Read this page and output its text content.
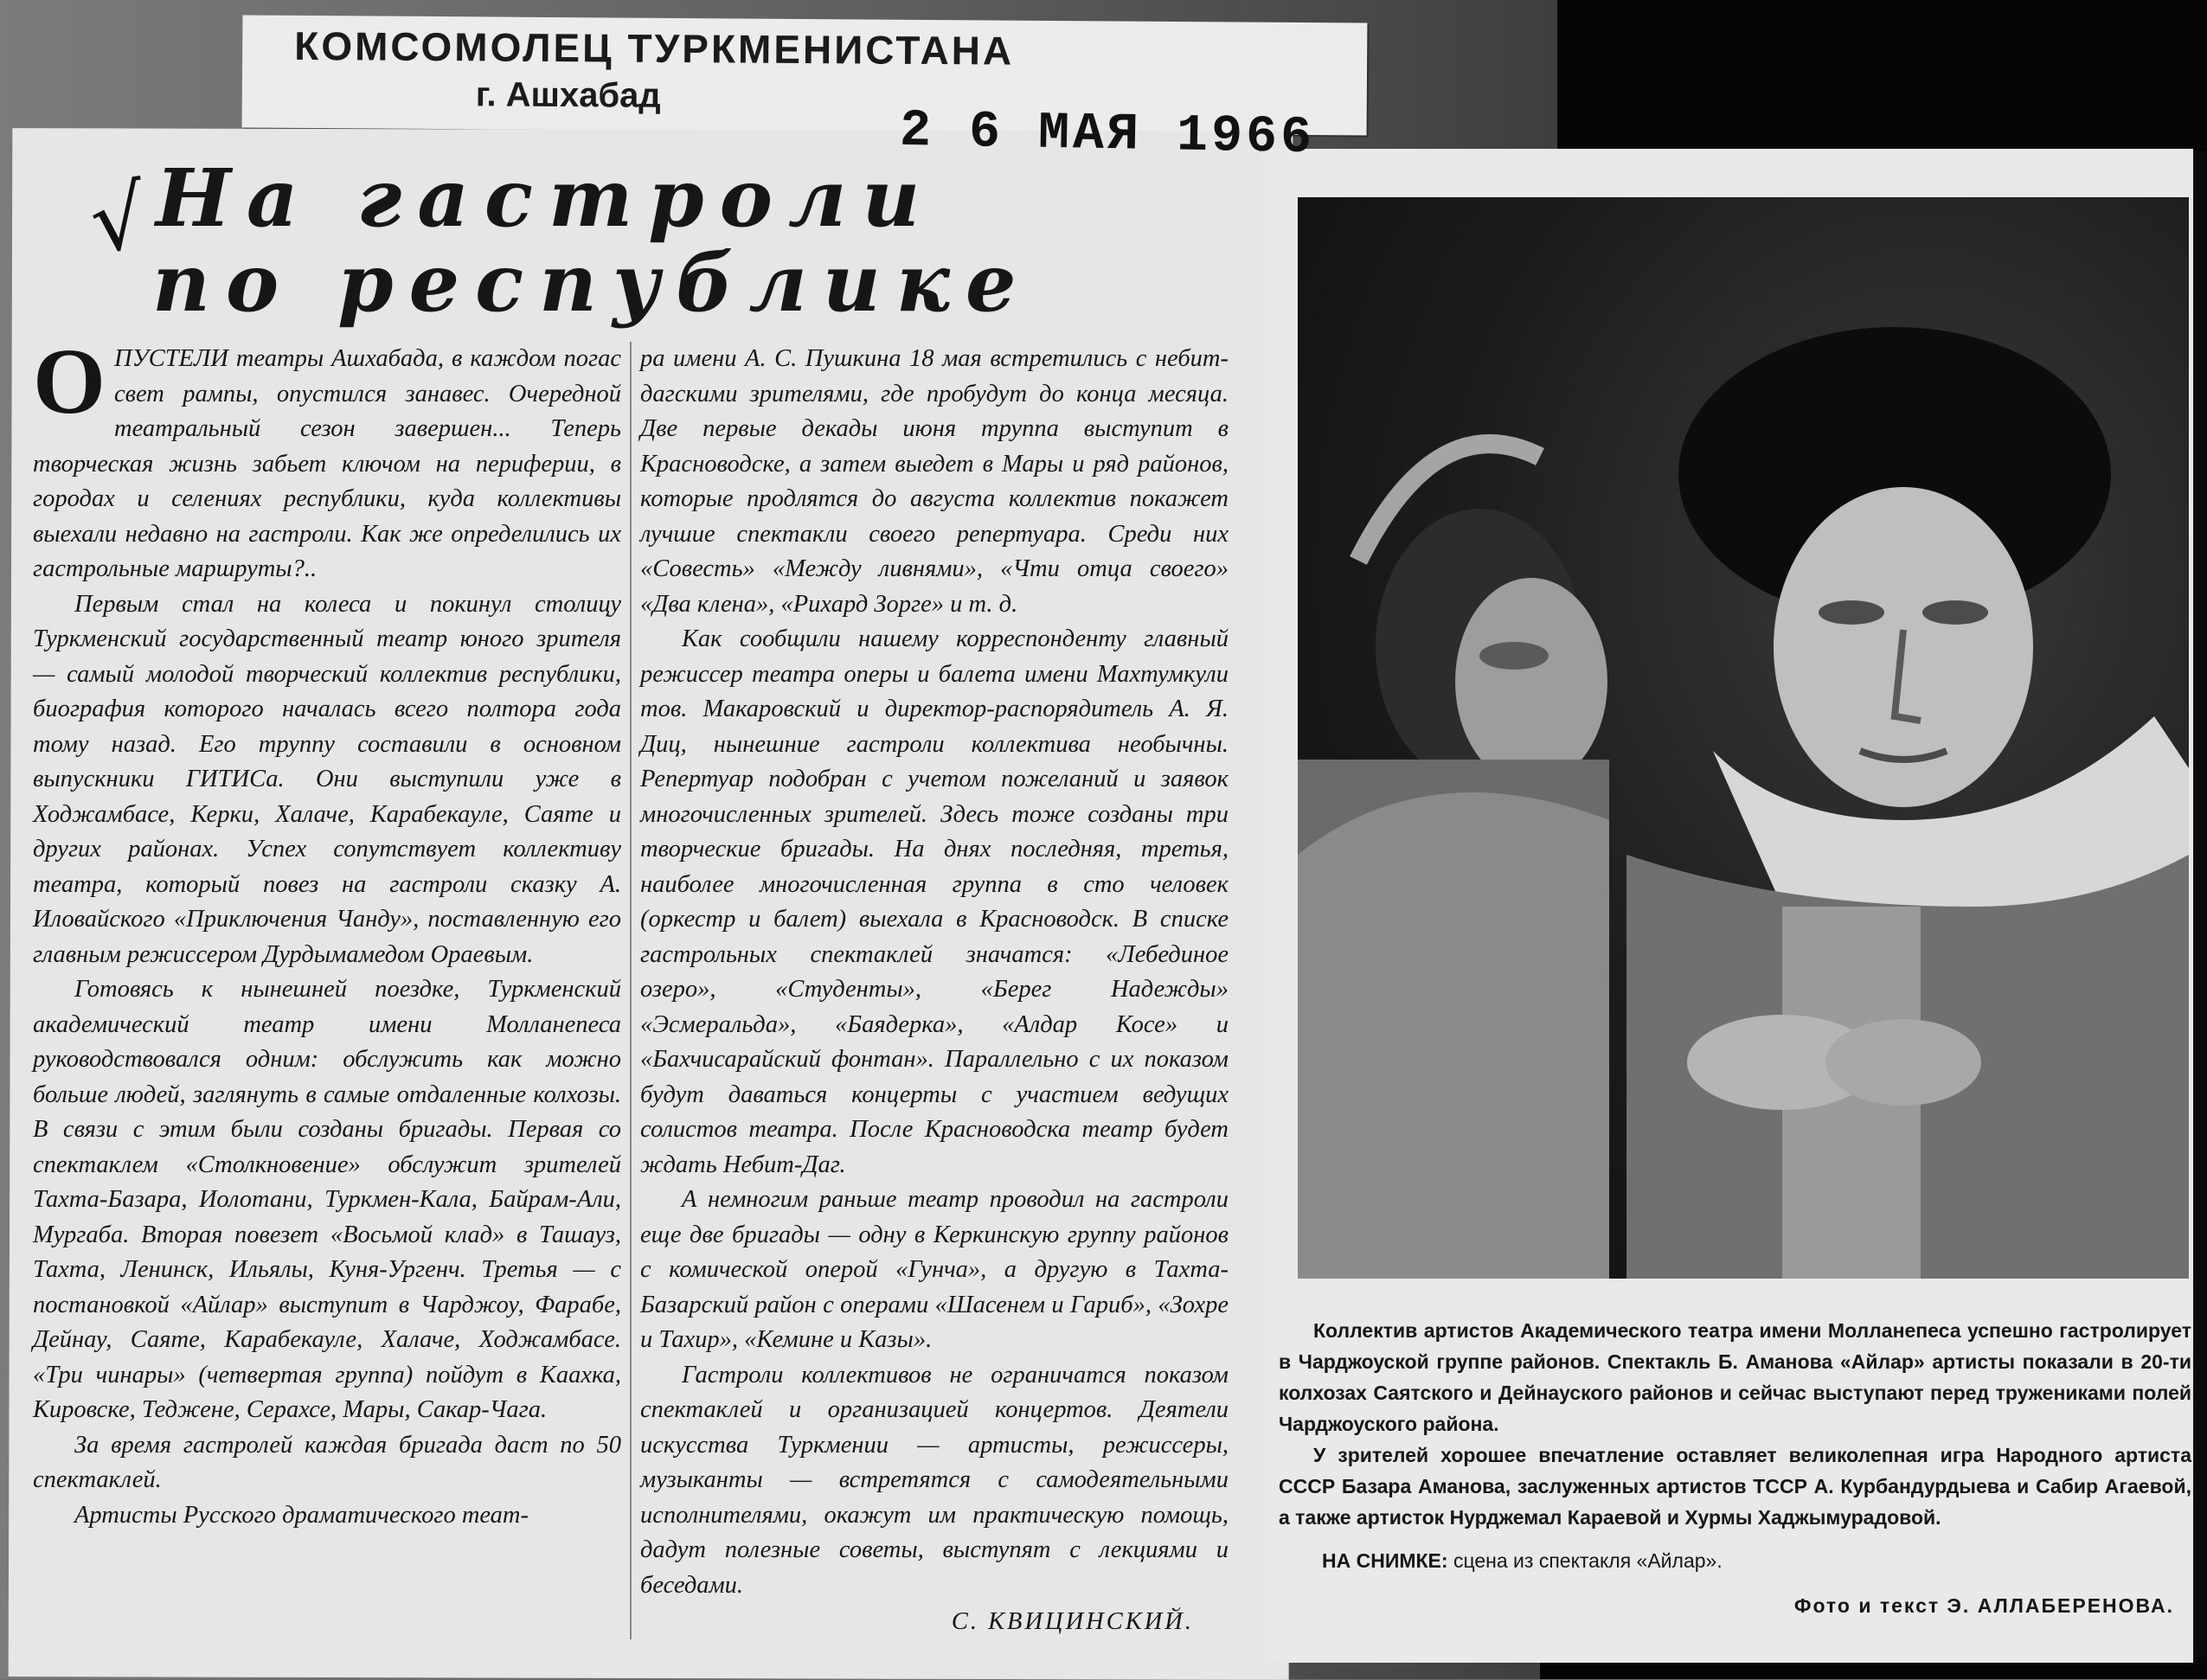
КОМСОМОЛЕЦ ТУРКМЕНИСТАНА
г. Ашхабад
2 6 МАЯ 1966
√ На гастроли

по республике

ОПУСТЕЛИ театры Ашхабада, в каждом погас свет рампы, опустился занавес. Очередной театральный сезон завершен... Теперь творческая жизнь забьет ключом на периферии, в городах и селениях республики, куда коллективы выехали недавно на гастроли. Как же определились их гастрольные маршруты?..

Первым стал на колеса и покинул столицу Туркменский государственный театр юного зрителя — самый молодой творческий коллектив республики, биография которого началась всего полтора года тому назад. Его труппу составили в основном выпускники ГИТИСа. Они выступили уже в Ходжамбасе, Керки, Халаче, Карабекауле, Саяте и других районах. Успех сопутствует коллективу театра, который повез на гастроли сказку А. Иловайского «Приключения Чанду», поставленную его главным режиссером Дурдымамедом Ораевым.

Готовясь к нынешней поездке, Туркменский академический театр имени Молланепеса руководствовался одним: обслужить как можно больше людей, заглянуть в самые отдаленные колхозы. В связи с этим были созданы бригады. Первая со спектаклем «Столкновение» обслужит зрителей Тахта-Базара, Иолотани, Туркмен-Кала, Байрам-Али, Мургаба. Вторая повезет «Восьмой клад» в Ташауз, Тахта, Ленинск, Ильялы, Куня-Ургенч. Третья — с постановкой «Айлар» выступит в Чарджоу, Фарабе, Дейнау, Саяте, Карабекауле, Халаче, Ходжамбасе. «Три чинары» (четвертая группа) пойдут в Каахка, Кировске, Теджене, Серахсе, Мары, Сакар-Чага.

За время гастролей каждая бригада даст по 50 спектаклей.

Артисты Русского драматического теат-

ра имени А. С. Пушкина 18 мая встретились с небит-дагскими зрителями, где пробудут до конца месяца. Две первые декады июня труппа выступит в Красноводске, а затем выедет в Мары и ряд районов, которые продлятся до августа коллектив покажет лучшие спектакли своего репертуара. Среди них «Совесть» «Между ливнями», «Чти отца своего» «Два клена», «Рихард Зорге» и т. д.

Как сообщили нашему корреспонденту главный режиссер театра оперы и балета имени Махтумкули тов. Макаровский и директор-распорядитель А. Я. Диц, нынешние гастроли коллектива необычны. Репертуар подобран с учетом пожеланий и заявок многочисленных зрителей. Здесь тоже созданы три творческие бригады. На днях последняя, третья, наиболее многочисленная группа в сто человек (оркестр и балет) выехала в Красноводск. В списке гастрольных спектаклей значатся: «Лебединое озеро», «Студенты», «Берег Надежды» «Эсмеральда», «Баядерка», «Алдар Косе» и «Бахчисарайский фонтан». Параллельно с их показом будут даваться концерты с участием ведущих солистов театра. После Красноводска театр будет ждать Небит-Даг.

А немногим раньше театр проводил на гастроли еще две бригады — одну в Керкинскую группу районов с комической оперой «Гунча», а другую в Тахта-Базарский район с операми «Шасенем и Гариб», «Зохре и Тахир», «Кемине и Казы».

Гастроли коллективов не ограничатся показом спектаклей и организацией концертов. Деятели искусства Туркмении — артисты, режиссеры, музыканты — встретятся с самодеятельными исполнителями, окажут им практическую помощь, дадут полезные советы, выступят с лекциями и беседами.

С. КВИЦИНСКИЙ.

Коллектив артистов Академического театра имени Молланепеса успешно гастролирует в Чарджоуской группе районов. Спектакль Б. Аманова «Айлар» артисты показали в 20-ти колхозах Саятского и Дейнауского районов и сейчас выступают перед тружениками полей Чарджоуского района.

У зрителей хорошее впечатление оставляет великолепная игра Народного артиста СССР Базара Аманова, заслуженных артистов ТССР А. Курбандурдыева и Сабир Агаевой, а также артисток Нурджемал Караевой и Хурмы Хаджымурадовой.

НА СНИМКЕ: сцена из спектакля «Айлар».

Фото и текст Э. АЛЛАБЕРЕНОВА.
